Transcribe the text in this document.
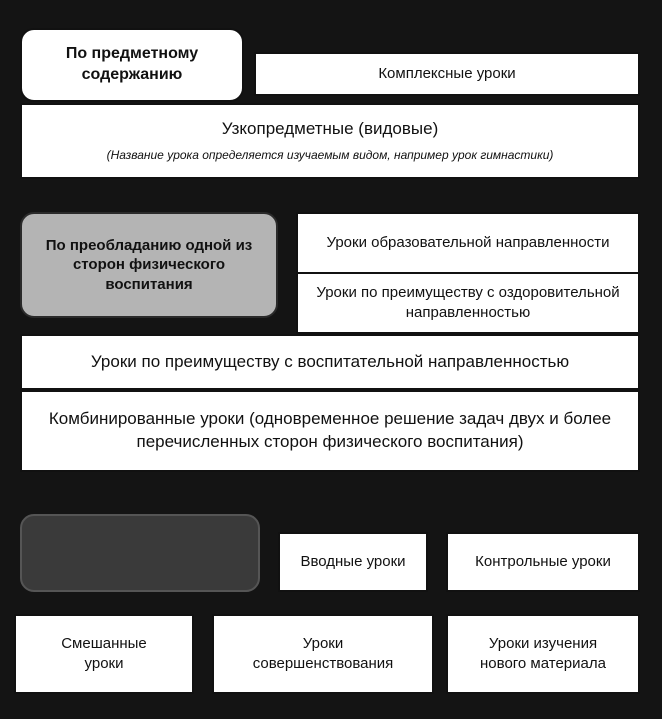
По предметному содержанию	Комплексные уроки
Узкопредметные (видовые)
(Название урока определяется изучаемым видом, например урок гимнастики)
По преобладанию одной из сторон физического воспитания
Уроки образовательной направленности
Уроки по преимуществу с оздоровительной направленностью
Уроки по преимуществу с воспитательной направленностью
Комбинированные уроки (одновременное решение задач двух и более перечисленных сторон физического воспитания)
Вводные уроки	Контрольные уроки
Смешанные уроки
Уроки совершенствования
Уроки изучения нового материала
